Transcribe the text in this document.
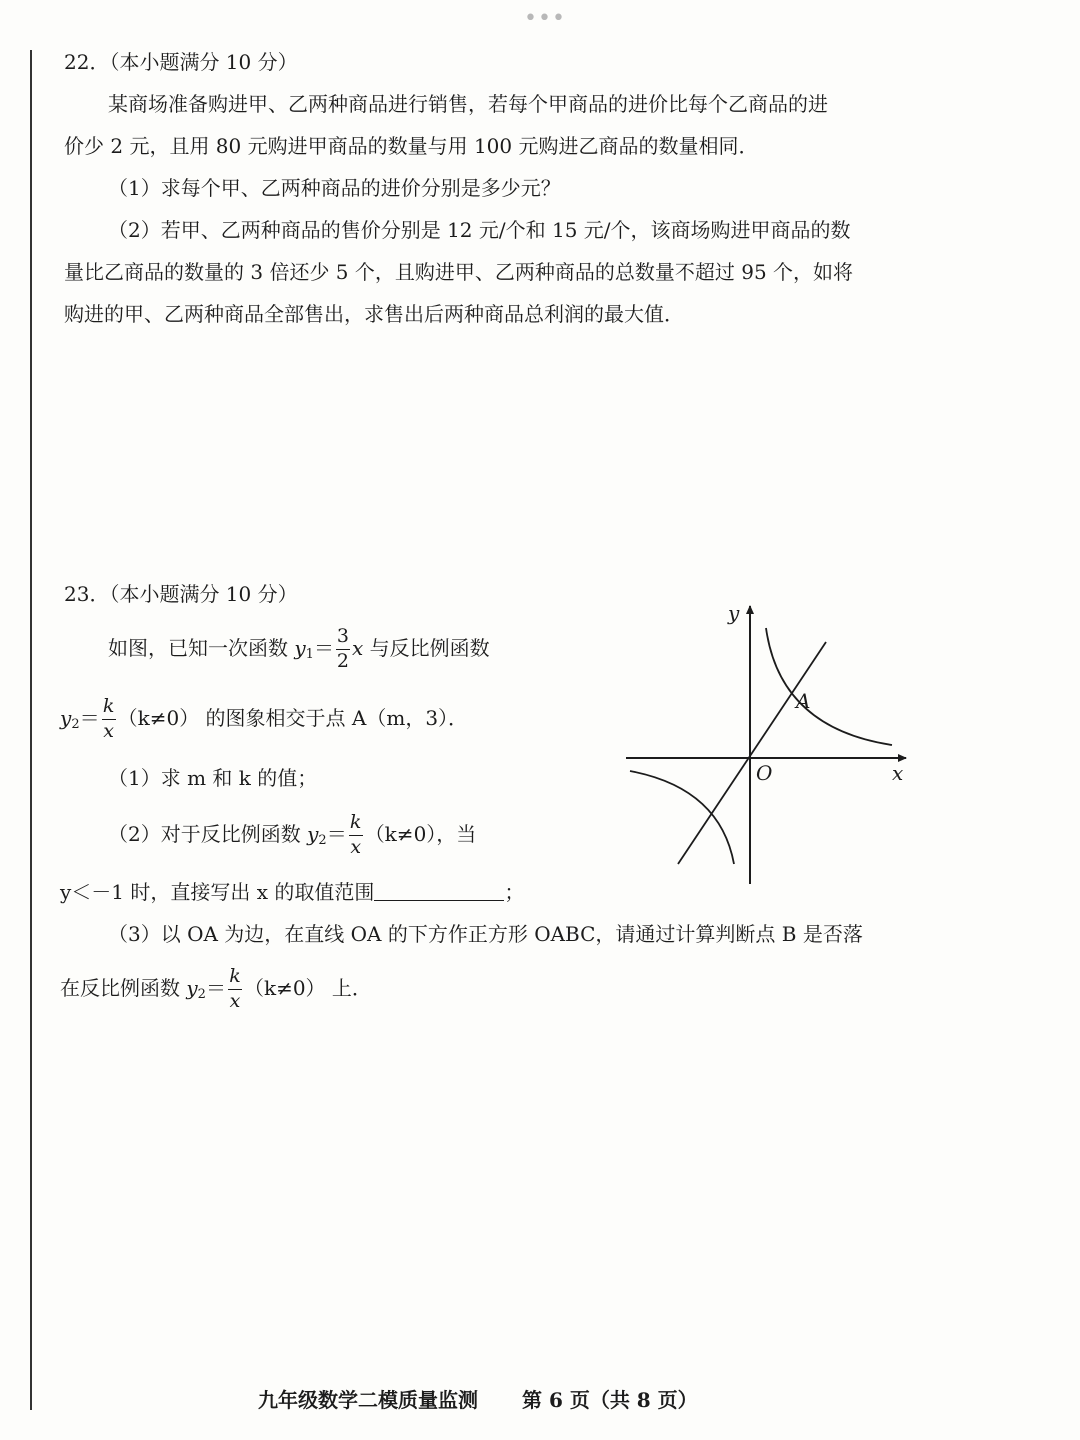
•••
22．（本小题满分 10 分）
某商场准备购进甲、乙两种商品进行销售，若每个甲商品的进价比每个乙商品的进
价少 2 元，且用 80 元购进甲商品的数量与用 100 元购进乙商品的数量相同．
（1）求每个甲、乙两种商品的进价分别是多少元？
（2）若甲、乙两种商品的售价分别是 12 元/个和 15 元/个，该商场购进甲商品的数
量比乙商品的数量的 3 倍还少 5 个，且购进甲、乙两种商品的总数量不超过 95 个，如将
购进的甲、乙两种商品全部售出，求售出后两种商品总利润的最大值．
23．（本小题满分 10 分）
如图，已知一次函数 $y_1= \frac{3}{2}$ x 与反比例函数
$y_2= \frac{k}{x} (k\ne 0)$ 的图象相交于点 A（m，3）．
（1）求 m 和 k 的值；
（2）对于反比例函数 $y_2= \frac{k}{x} (k\ne 0)$，当
y＜－1 时，直接写出 x 的取值范围	；
（3）以 OA 为边，在直线 OA 的下方作正方形 OABC，请通过计算判断点 B 是否落
在反比例函数 $y_2= \frac{k}{x} (k\ne 0)$ 上．
y
x
O
A
九年级数学二模质量监测 第 6 页（共 8 页）
